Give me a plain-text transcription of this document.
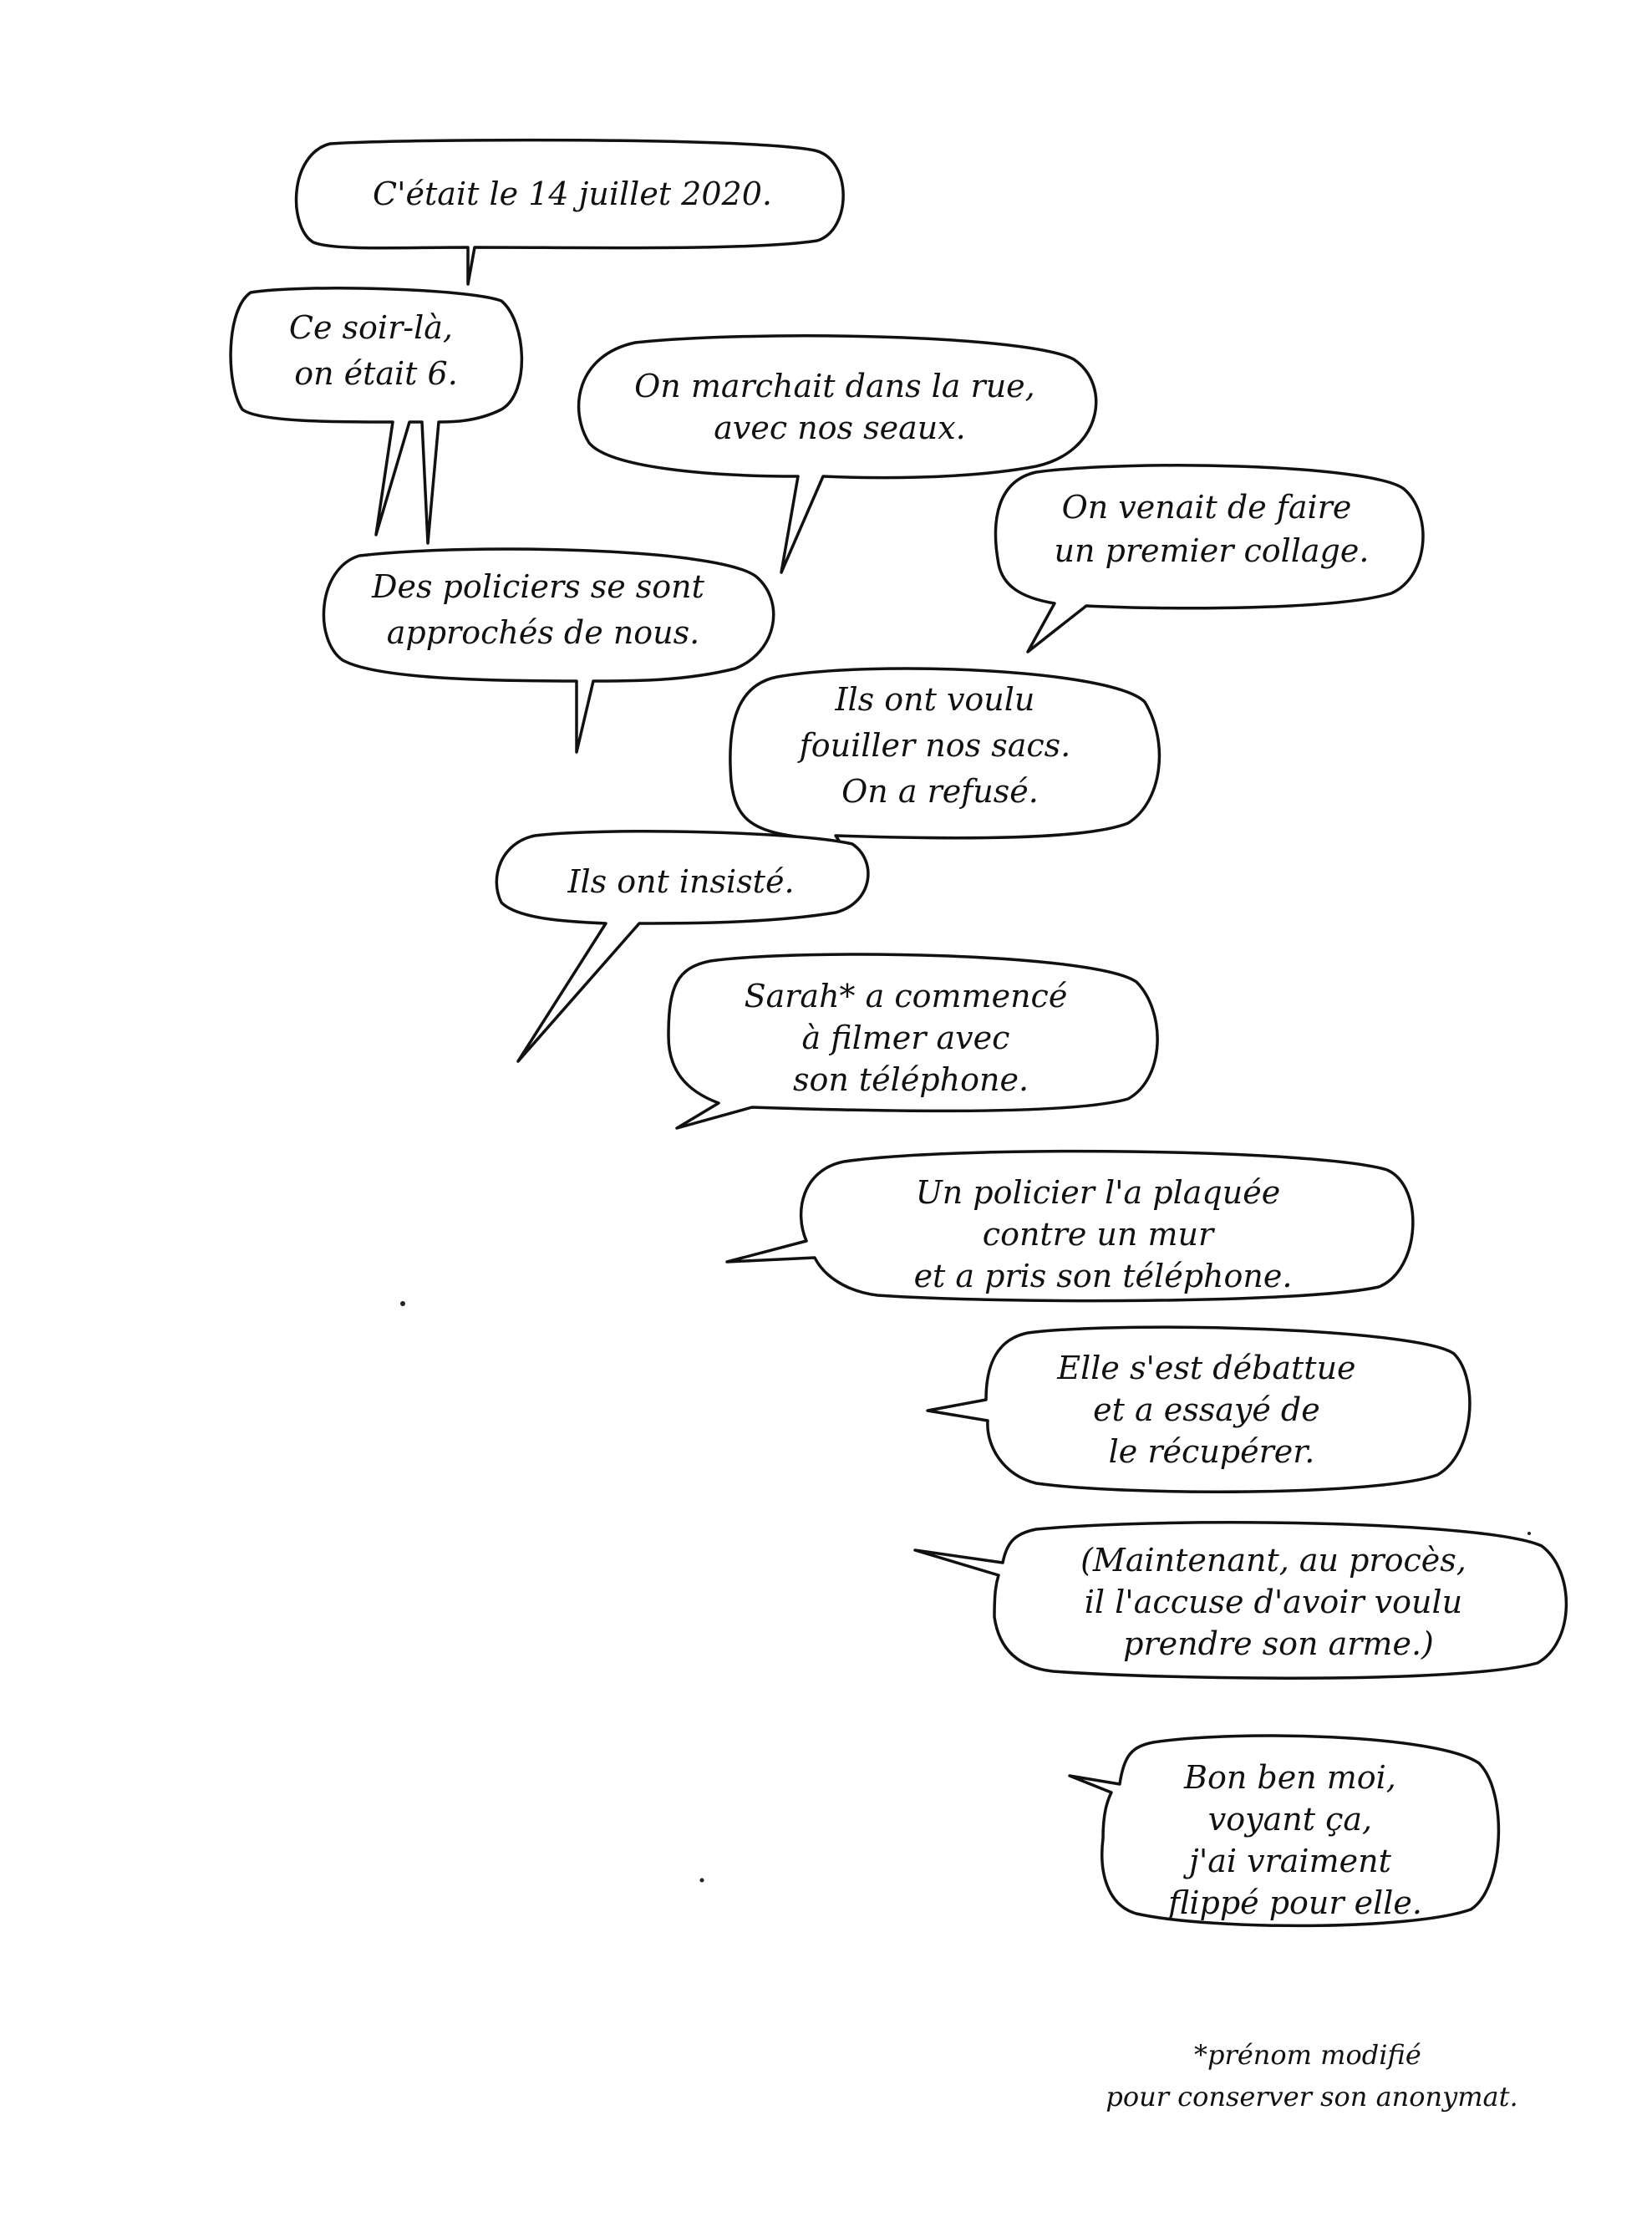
C'était le 14 juillet 2020.
Ce soir-là, on était 6.	On marchait dans la rue, avec nos seaux.
On venait de faire un premier collage.
Des policiers se sont approchés de nous.
Ils ont voulu fouiller nos sacs. On a refusé.
Ils ont insisté.
Sarah* a commencé à filmer avec son téléphone.
Un policier l'a plaquée contre un mur et a pris son téléphone.
Elle s'est débattue et a essayé de le récupérer.
(Maintenant, au procès, il l'accuse d'avoir voulu prendre son arme.)
Bon ben moi, voyant ça, j'ai vraiment flippé pour elle.
*prénom modifié pour conserver son anonymat.
